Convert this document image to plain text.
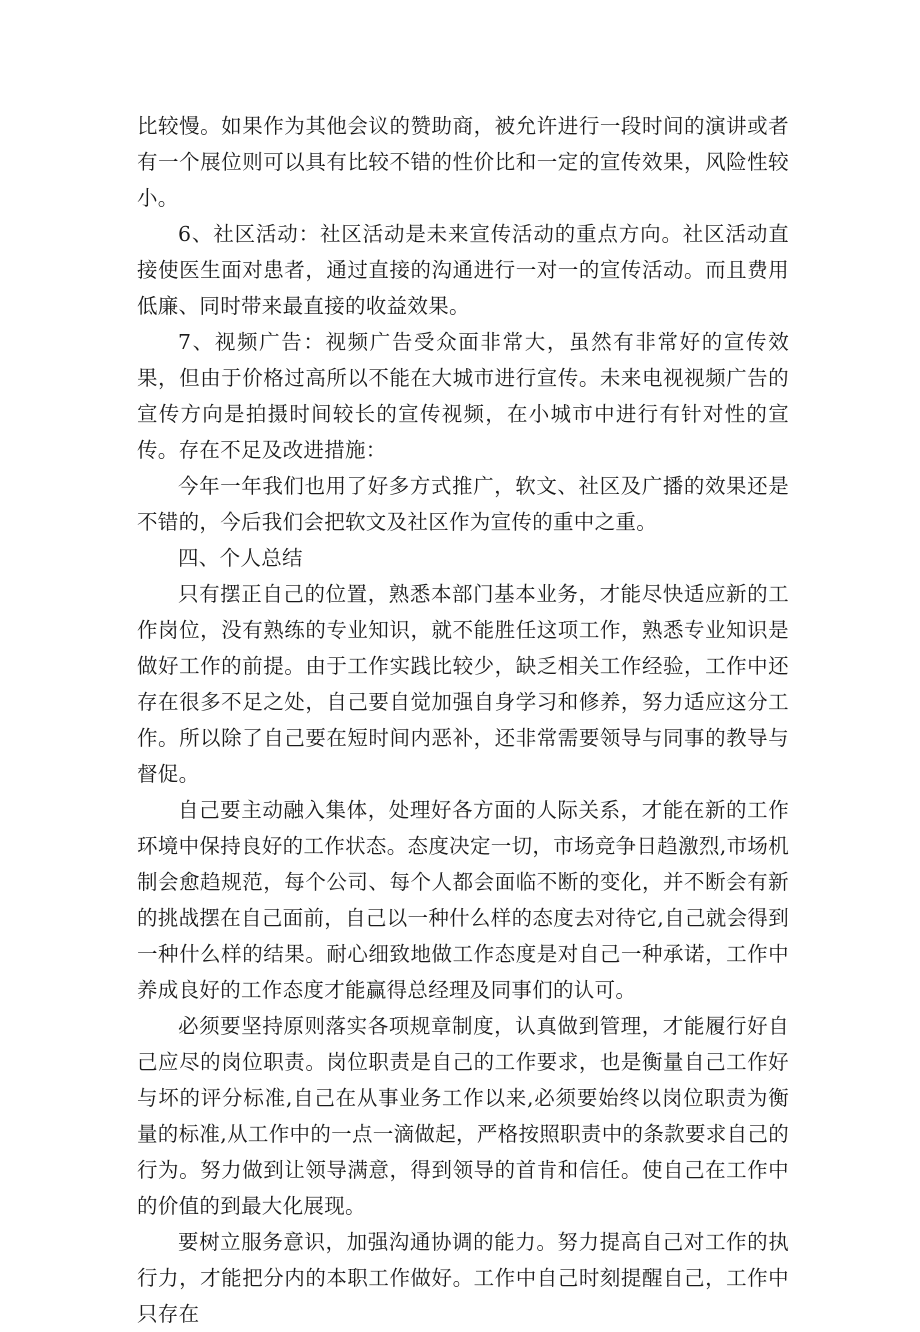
比较慢。如果作为其他会议的赞助商，被允许进行一段时间的演讲或者有一个展位则可以具有比较不错的性价比和一定的宣传效果，风险性较小。

6、社区活动：社区活动是未来宣传活动的重点方向。社区活动直接使医生面对患者，通过直接的沟通进行一对一的宣传活动。而且费用低廉、同时带来最直接的收益效果。

7、视频广告：视频广告受众面非常大，虽然有非常好的宣传效果，但由于价格过高所以不能在大城市进行宣传。未来电视视频广告的宣传方向是拍摄时间较长的宣传视频，在小城市中进行有针对性的宣传。存在不足及改进措施：

今年一年我们也用了好多方式推广，软文、社区及广播的效果还是不错的，今后我们会把软文及社区作为宣传的重中之重。

四、个人总结

只有摆正自己的位置，熟悉本部门基本业务，才能尽快适应新的工作岗位，没有熟练的专业知识，就不能胜任这项工作，熟悉专业知识是做好工作的前提。由于工作实践比较少，缺乏相关工作经验，工作中还存在很多不足之处，自己要自觉加强自身学习和修养，努力适应这分工作。所以除了自己要在短时间内恶补，还非常需要领导与同事的教导与督促。

自己要主动融入集体，处理好各方面的人际关系，才能在新的工作环境中保持良好的工作状态。态度决定一切，市场竞争日趋激烈,市场机制会愈趋规范，每个公司、每个人都会面临不断的变化，并不断会有新的挑战摆在自己面前，自己以一种什么样的态度去对待它,自己就会得到一种什么样的结果。耐心细致地做工作态度是对自己一种承诺，工作中养成良好的工作态度才能赢得总经理及同事们的认可。

必须要坚持原则落实各项规章制度，认真做到管理，才能履行好自己应尽的岗位职责。岗位职责是自己的工作要求，也是衡量自己工作好与坏的评分标准,自己在从事业务工作以来,必须要始终以岗位职责为衡量的标准,从工作中的一点一滴做起，严格按照职责中的条款要求自己的行为。努力做到让领导满意，得到领导的首肯和信任。使自己在工作中的价值的到最大化展现。

要树立服务意识，加强沟通协调的能力。努力提高自己对工作的执行力，才能把分内的本职工作做好。工作中自己时刻提醒自己，工作中只存在
